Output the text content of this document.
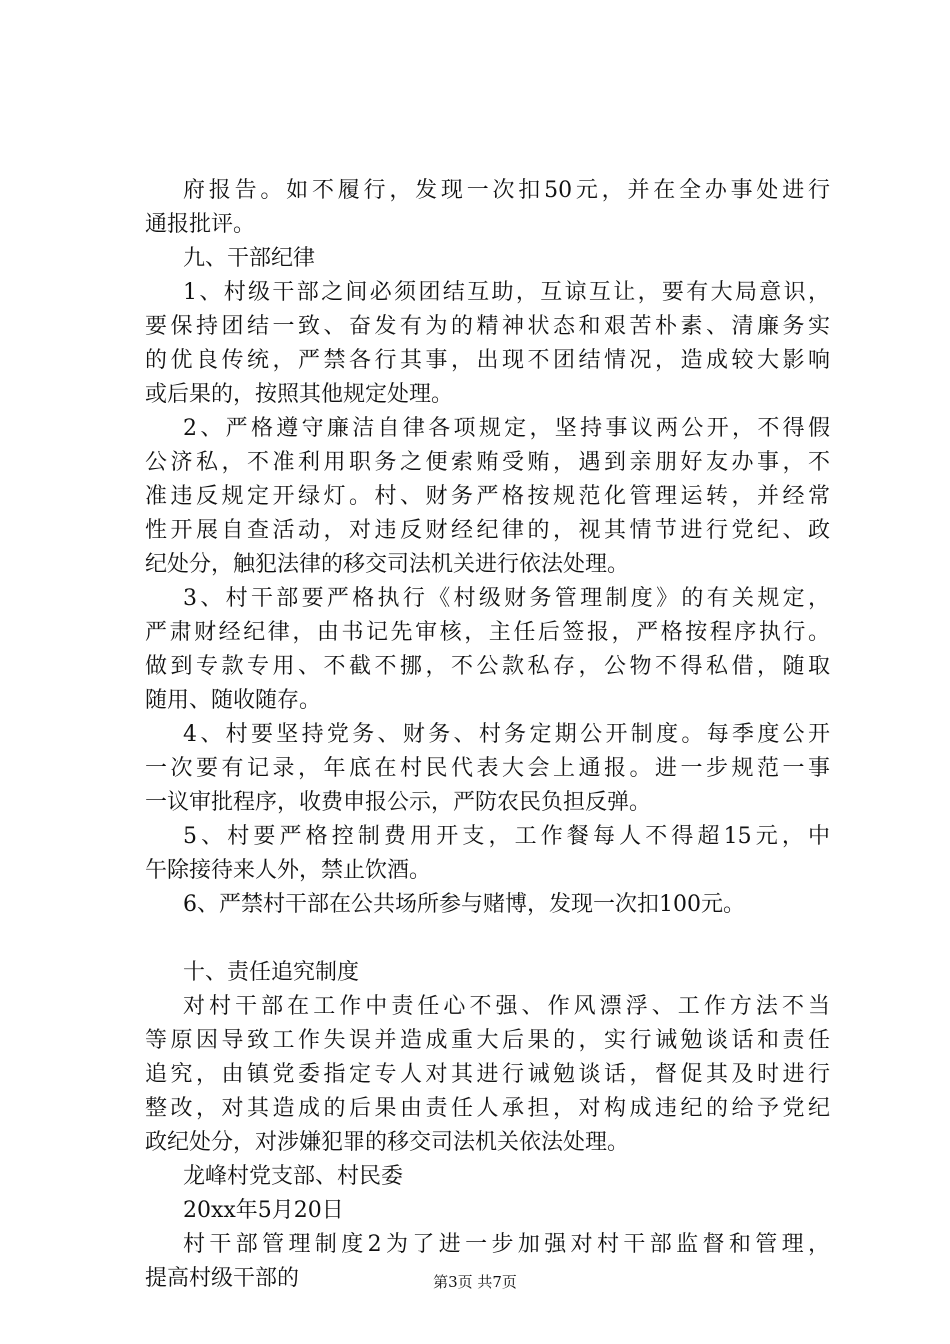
府报告。如不履行，发现一次扣50元，并在全办事处进行
通报批评。
九、干部纪律
1、村级干部之间必须团结互助，互谅互让，要有大局意识，
要保持团结一致、奋发有为的精神状态和艰苦朴素、清廉务实
的优良传统，严禁各行其事，出现不团结情况，造成较大影响
或后果的，按照其他规定处理。
2、严格遵守廉洁自律各项规定，坚持事议两公开，不得假
公济私，不准利用职务之便索贿受贿，遇到亲朋好友办事，不
准违反规定开绿灯。村、财务严格按规范化管理运转，并经常
性开展自查活动，对违反财经纪律的，视其情节进行党纪、政
纪处分，触犯法律的移交司法机关进行依法处理。
3、村干部要严格执行《村级财务管理制度》的有关规定，
严肃财经纪律，由书记先审核，主任后签报，严格按程序执行。
做到专款专用、不截不挪，不公款私存，公物不得私借，随取
随用、随收随存。
4、村要坚持党务、财务、村务定期公开制度。每季度公开
一次要有记录，年底在村民代表大会上通报。进一步规范一事
一议审批程序，收费申报公示，严防农民负担反弹。
5、村要严格控制费用开支，工作餐每人不得超15元，中
午除接待来人外，禁止饮酒。
6、严禁村干部在公共场所参与赌博，发现一次扣100元。
十、责任追究制度
对村干部在工作中责任心不强、作风漂浮、工作方法不当
等原因导致工作失误并造成重大后果的，实行诫勉谈话和责任
追究，由镇党委指定专人对其进行诫勉谈话，督促其及时进行
整改，对其造成的后果由责任人承担，对构成违纪的给予党纪
政纪处分，对涉嫌犯罪的移交司法机关依法处理。
龙峰村党支部、村民委
20xx年5月20日
村干部管理制度2为了进一步加强对村干部监督和管理，
提高村级干部的	第3页 共7页
